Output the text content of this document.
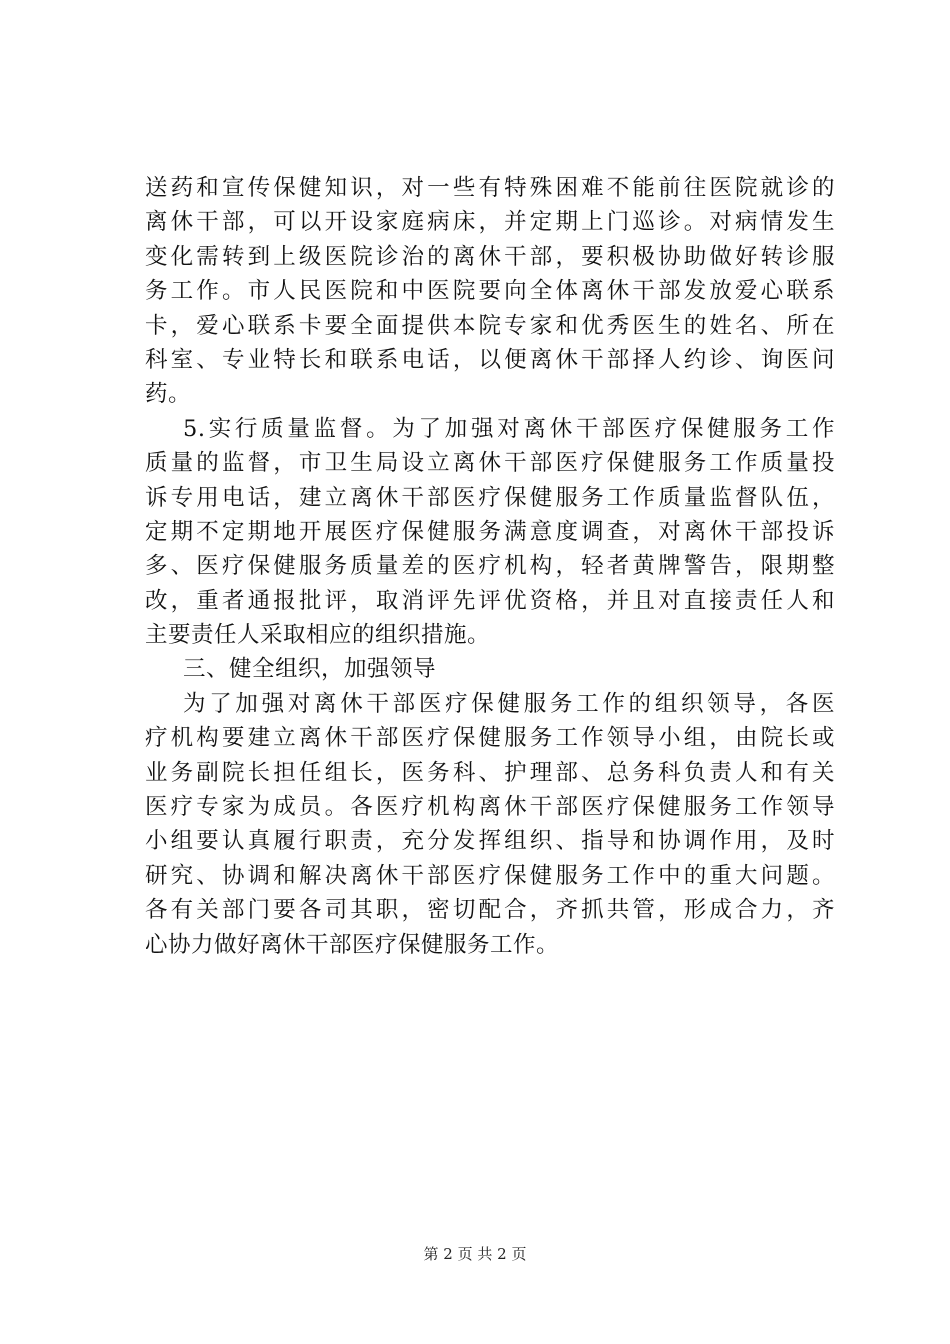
送药和宣传保健知识，对一些有特殊困难不能前往医院就诊的
离休干部，可以开设家庭病床，并定期上门巡诊。对病情发生
变化需转到上级医院诊治的离休干部，要积极协助做好转诊服
务工作。市人民医院和中医院要向全体离休干部发放爱心联系
卡，爱心联系卡要全面提供本院专家和优秀医生的姓名、所在
科室、专业特长和联系电话，以便离休干部择人约诊、询医问
药。
5.实行质量监督。为了加强对离休干部医疗保健服务工作
质量的监督，市卫生局设立离休干部医疗保健服务工作质量投
诉专用电话，建立离休干部医疗保健服务工作质量监督队伍，
定期不定期地开展医疗保健服务满意度调查，对离休干部投诉
多、医疗保健服务质量差的医疗机构，轻者黄牌警告，限期整
改，重者通报批评，取消评先评优资格，并且对直接责任人和
主要责任人采取相应的组织措施。
三、健全组织，加强领导
为了加强对离休干部医疗保健服务工作的组织领导，各医
疗机构要建立离休干部医疗保健服务工作领导小组，由院长或
业务副院长担任组长，医务科、护理部、总务科负责人和有关
医疗专家为成员。各医疗机构离休干部医疗保健服务工作领导
小组要认真履行职责，充分发挥组织、指导和协调作用，及时
研究、协调和解决离休干部医疗保健服务工作中的重大问题。
各有关部门要各司其职，密切配合，齐抓共管，形成合力，齐
心协力做好离休干部医疗保健服务工作。
第 2 页 共 2 页
